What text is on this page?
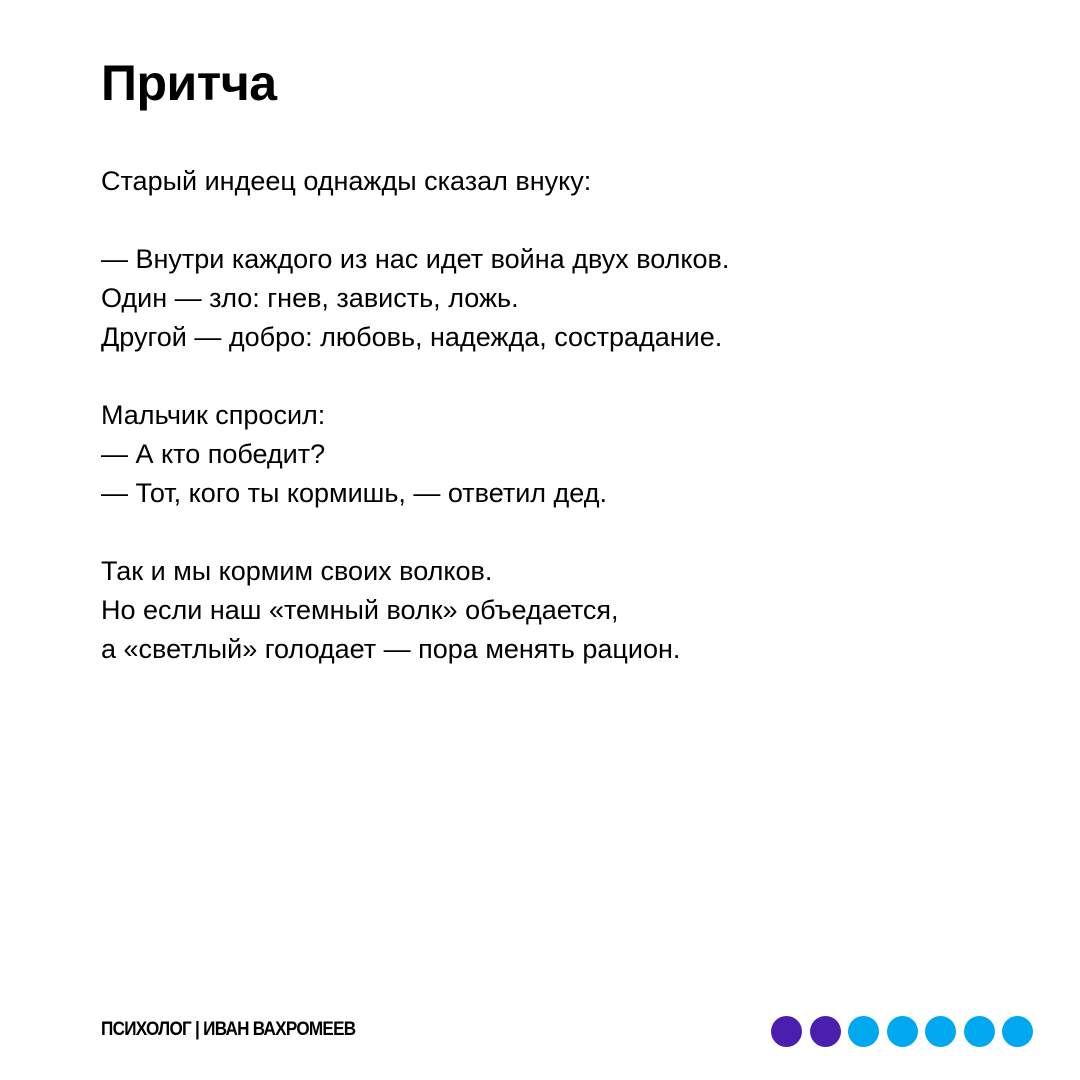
Притча
Старый индеец однажды сказал внуку:
— Внутри каждого из нас идет война двух волков.
Один — зло: гнев, зависть, ложь.
Другой — добро: любовь, надежда, сострадание.
Мальчик спросил:
— А кто победит?
— Тот, кого ты кормишь, — ответил дед.
Так и мы кормим своих волков.
Но если наш «темный волк» объедается,
а «светлый» голодает — пора менять рацион.
ПСИХОЛОГ | ИВАН ВАХРОМЕЕВ
